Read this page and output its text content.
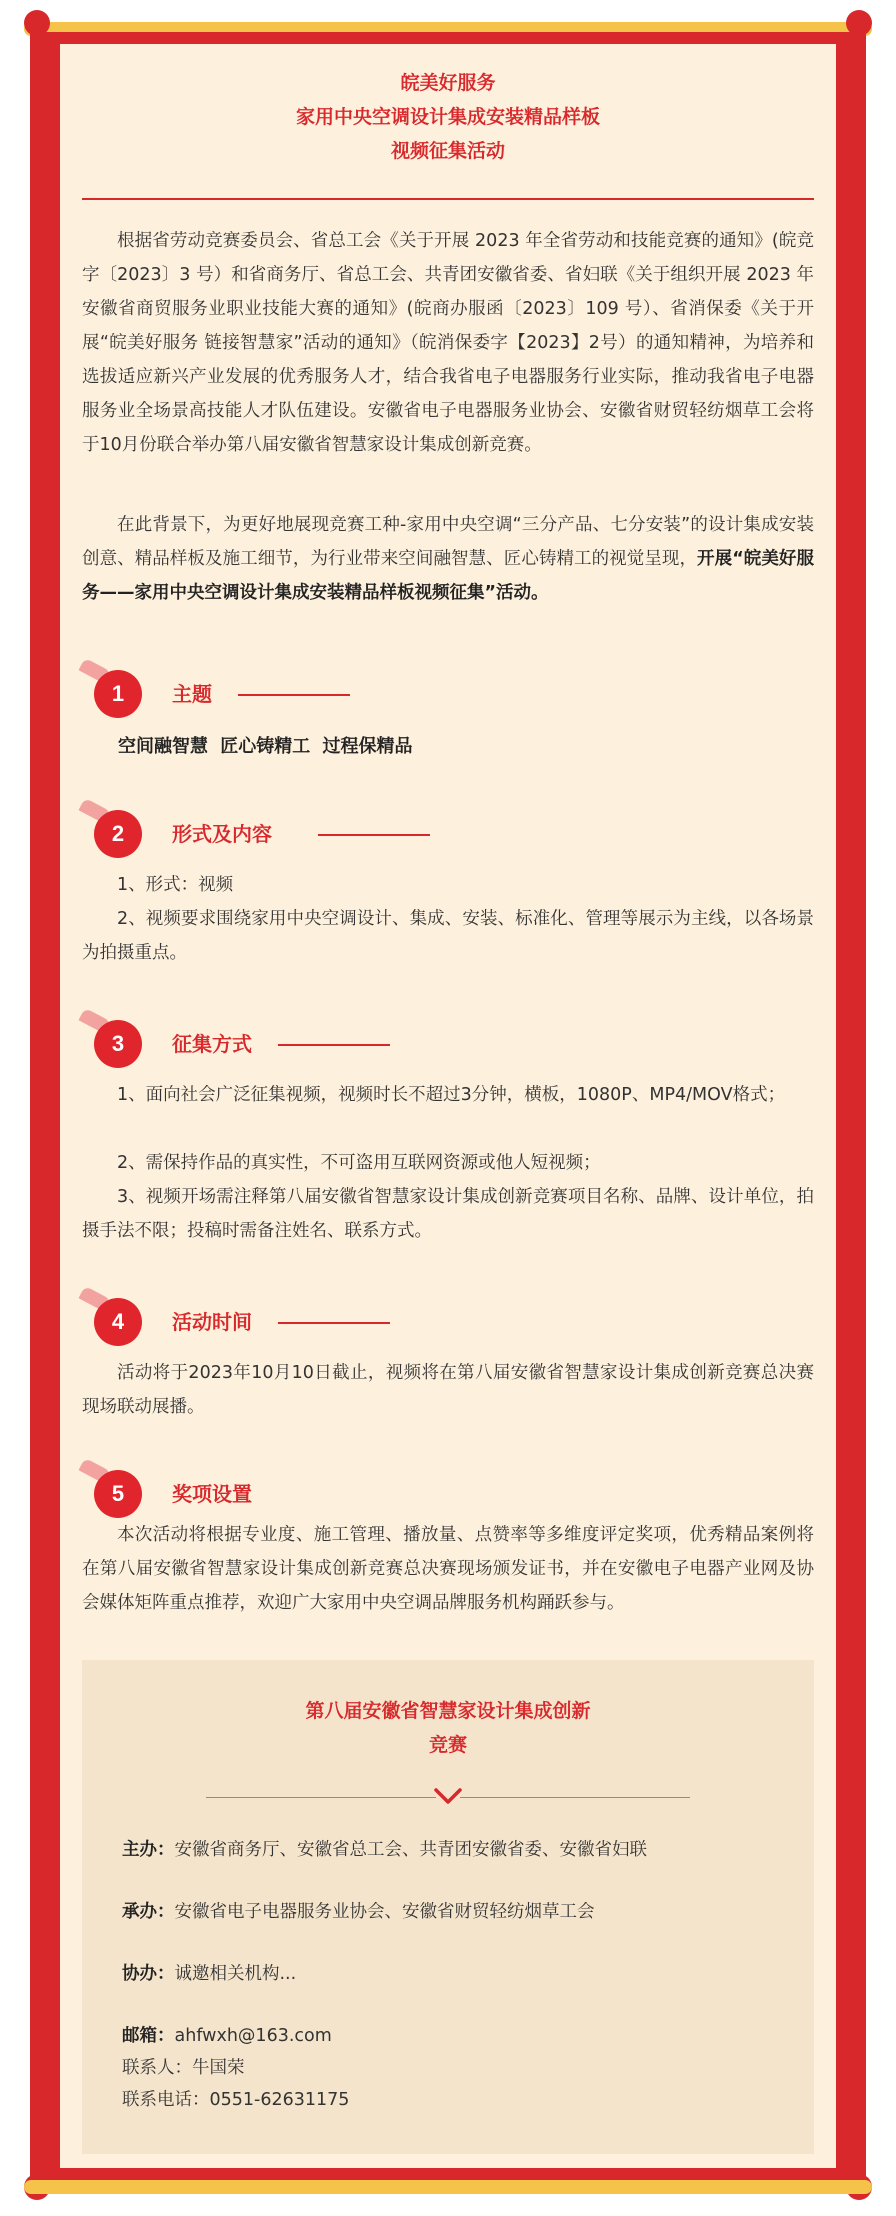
皖美好服务
家用中央空调设计集成安装精品样板
视频征集活动

根据省劳动竞赛委员会、省总工会《关于开展 2023 年全省劳动和技能竞赛的通知》(皖竞字〔2023〕3 号）和省商务厅、省总工会、共青团安徽省委、省妇联《关于组织开展 2023 年安徽省商贸服务业职业技能大赛的通知》(皖商办服函〔2023〕109 号）、省消保委《关于开展“皖美好服务 链接智慧家”活动的通知》（皖消保委字【2023】2号）的通知精神，为培养和选拔适应新兴产业发展的优秀服务人才，结合我省电子电器服务行业实际，推动我省电子电器服务业全场景高技能人才队伍建设。安徽省电子电器服务业协会、安徽省财贸轻纺烟草工会将于10月份联合举办第八届安徽省智慧家设计集成创新竞赛。

在此背景下，为更好地展现竞赛工种-家用中央空调“三分产品、七分安装”的设计集成安装创意、精品样板及施工细节，为行业带来空间融智慧、匠心铸精工的视觉呈现，开展“皖美好服务——家用中央空调设计集成安装精品样板视频征集”活动。

1	主题
空间融智慧 匠心铸精工 过程保精品
2	形式及内容

1、形式：视频

2、视频要求围绕家用中央空调设计、集成、安装、标准化、管理等展示为主线，以各场景为拍摄重点。

3	征集方式

1、面向社会广泛征集视频，视频时长不超过3分钟，横板，1080P、MP4/MOV格式；

2、需保持作品的真实性，不可盗用互联网资源或他人短视频；

3、视频开场需注释第八届安徽省智慧家设计集成创新竞赛项目名称、品牌、设计单位，拍摄手法不限；投稿时需备注姓名、联系方式。

4	活动时间

活动将于2023年10月10日截止，视频将在第八届安徽省智慧家设计集成创新竞赛总决赛现场联动展播。

5	奖项设置

本次活动将根据专业度、施工管理、播放量、点赞率等多维度评定奖项，优秀精品案例将在第八届安徽省智慧家设计集成创新竞赛总决赛现场颁发证书，并在安徽电子电器产业网及协会媒体矩阵重点推荐，欢迎广大家用中央空调品牌服务机构踊跃参与。

第八届安徽省智慧家设计集成创新
竞赛
主办：安徽省商务厅、安徽省总工会、共青团安徽省委、安徽省妇联
承办：安徽省电子电器服务业协会、安徽省财贸轻纺烟草工会
协办：诚邀相关机构...
邮箱：ahfwxh@163.com
联系人：牛国荣
联系电话：0551-62631175
